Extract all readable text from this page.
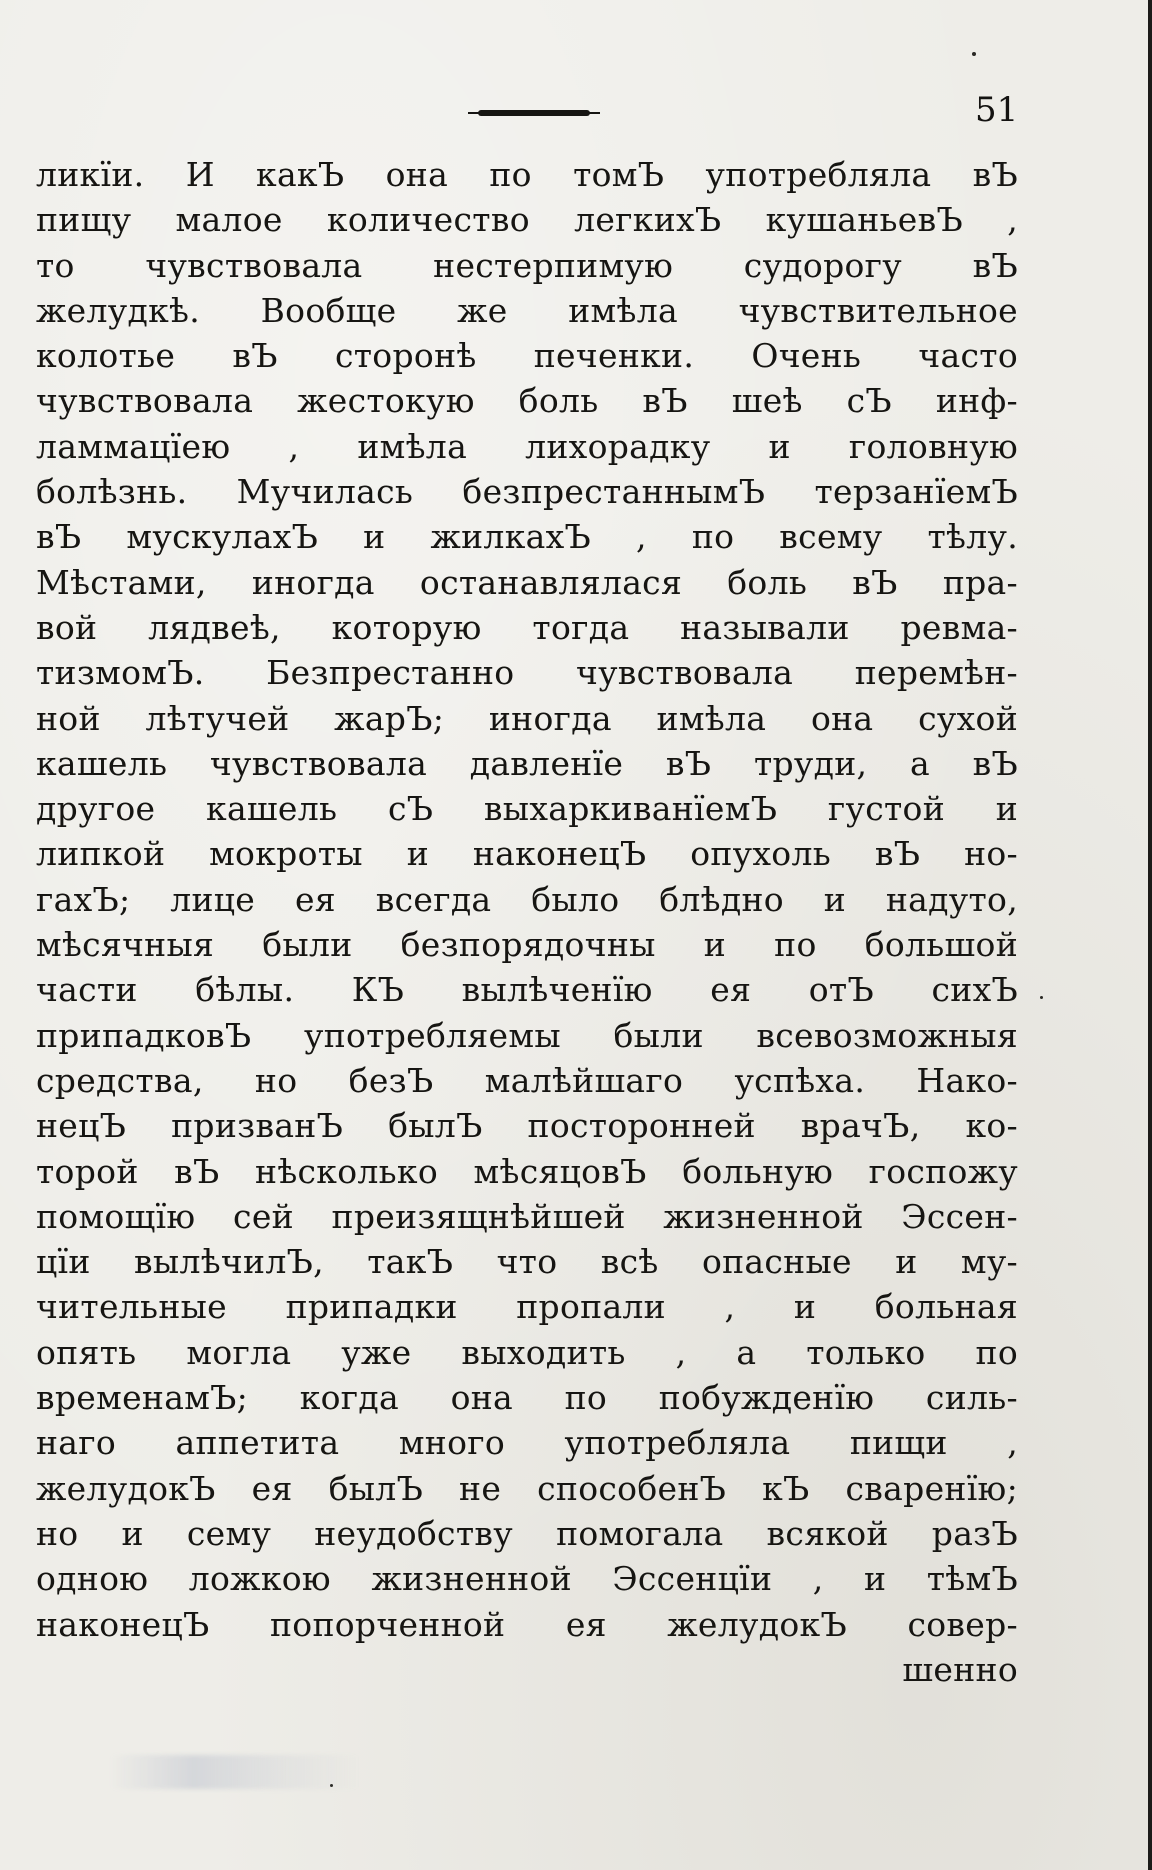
51
ликїи. И какЪ она по томЪ употребляла вЪ
пищу малое количество легкихЪ кушаньевЪ ,
то чувствовала нестерпимую судорогу вЪ
желудкѣ. Вообще же имѣла чувствительное
колотье вЪ сторонѣ печенки. Очень часто
чувствовала жестокую боль вЪ шеѣ сЪ инф-
ламмацїею , имѣла лихорадку и головную
болѣзнь. Мучилась безпрестаннымЪ терзанїемЪ
вЪ мускулахЪ и жилкахЪ , по всему тѣлу.
Мѣстами, иногда останавлялася боль вЪ пра-
вой лядвеѣ, которую тогда называли ревма-
тизмомЪ. Безпрестанно чувствовала перемѣн-
ной лѣтучей жарЪ; иногда имѣла она сухой
кашель чувствовала давленїе вЪ труди, а вЪ
другое кашель сЪ выхаркиванїемЪ густой и
липкой мокроты и наконецЪ опухоль вЪ но-
гахЪ; лице ея всегда было блѣдно и надуто,
мѣсячныя были безпорядочны и по большой
части бѣлы. КЪ вылѣченїю ея отЪ сихЪ
припадковЪ употребляемы были всевозможныя
средства, но безЪ малѣйшаго успѣха. Нако-
нецЪ призванЪ былЪ посторонней врачЪ, ко-
торой вЪ нѣсколько мѣсяцовЪ больную госпожу
помощїю сей преизящнѣйшей жизненной Эссен-
цїи вылѣчилЪ, такЪ что всѣ опасные и му-
чительные припадки пропали , и больная
опять могла уже выходить , а только по
временамЪ; когда она по побужденїю силь-
наго аппетита много употребляла пищи ,
желудокЪ ея былЪ не способенЪ кЪ сваренїю;
но и сему неудобству помогала всякой разЪ
одною ложкою жизненной Эссенцїи , и тѣмЪ
наконецЪ попорченной ея желудокЪ совер-
шенно
